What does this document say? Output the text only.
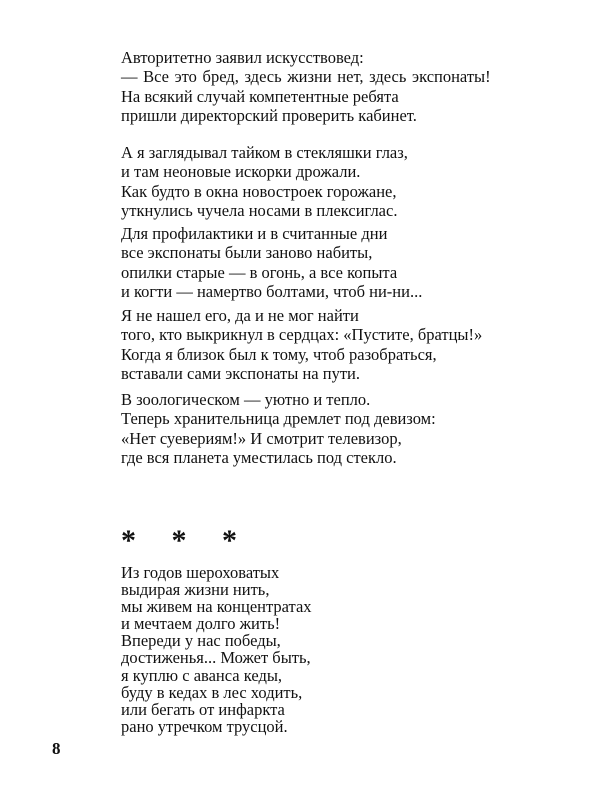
Авторитетно заявил искусствовед:
— Все это бред, здесь жизни нет, здесь экспонаты!
На всякий случай компетентные ребята
пришли директорский проверить кабинет.
А я заглядывал тайком в стекляшки глаз,
и там неоновые искорки дрожали.
Как будто в окна новостроек горожане,
уткнулись чучела носами в плексиглас.
Для профилактики и в считанные дни
все экспонаты были заново набиты,
опилки старые — в огонь, а все копыта
и когти — намертво болтами, чтоб ни-ни...
Я не нашел его, да и не мог найти
того, кто выкрикнул в сердцах: «Пустите, братцы!»
Когда я близок был к тому, чтоб разобраться,
вставали сами экспонаты на пути.
В зоологическом — уютно и тепло.
Теперь хранительница дремлет под девизом:
«Нет суевериям!» И смотрит телевизор,
где вся планета уместилась под стекло.
* * *
Из годов шероховатых
выдирая жизни нить,
мы живем на концентратах
и мечтаем долго жить!
Впереди у нас победы,
достиженья... Может быть,
я куплю с аванса кеды,
буду в кедах в лес ходить,
или бегать от инфаркта
рано утречком трусцой.
8
